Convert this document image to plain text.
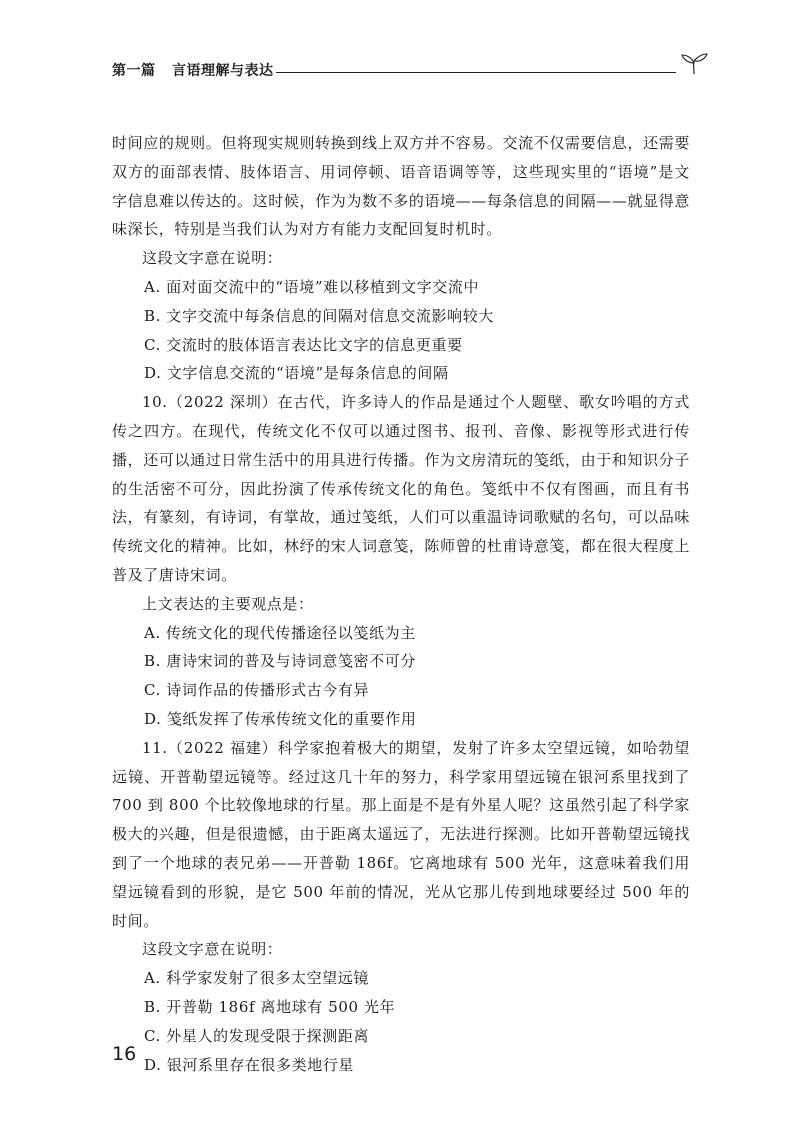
第一篇 言语理解与表达

时间应的规则。但将现实规则转换到线上双方并不容易。交流不仅需要信息，还需要双方的面部表情、肢体语言、用词停顿、语音语调等等，这些现实里的“语境”是文字信息难以传达的。这时候，作为为数不多的语境——每条信息的间隔——就显得意味深长，特别是当我们认为对方有能力支配回复时机时。

这段文字意在说明：

A. 面对面交流中的“语境”难以移植到文字交流中

B. 文字交流中每条信息的间隔对信息交流影响较大

C. 交流时的肢体语言表达比文字的信息更重要

D. 文字信息交流的“语境”是每条信息的间隔

10.（2022 深圳）在古代，许多诗人的作品是通过个人题壁、歌女吟唱的方式传之四方。在现代，传统文化不仅可以通过图书、报刊、音像、影视等形式进行传播，还可以通过日常生活中的用具进行传播。作为文房清玩的笺纸，由于和知识分子的生活密不可分，因此扮演了传承传统文化的角色。笺纸中不仅有图画，而且有书法，有篆刻，有诗词，有掌故，通过笺纸，人们可以重温诗词歌赋的名句，可以品味传统文化的精神。比如，林纾的宋人词意笺，陈师曾的杜甫诗意笺，都在很大程度上普及了唐诗宋词。

上文表达的主要观点是：

A. 传统文化的现代传播途径以笺纸为主

B. 唐诗宋词的普及与诗词意笺密不可分

C. 诗词作品的传播形式古今有异

D. 笺纸发挥了传承传统文化的重要作用

11.（2022 福建）科学家抱着极大的期望，发射了许多太空望远镜，如哈勃望远镜、开普勒望远镜等。经过这几十年的努力，科学家用望远镜在银河系里找到了 700 到 800 个比较像地球的行星。那上面是不是有外星人呢？这虽然引起了科学家极大的兴趣，但是很遗憾，由于距离太遥远了，无法进行探测。比如开普勒望远镜找到了一个地球的表兄弟——开普勒 186f。它离地球有 500 光年，这意味着我们用望远镜看到的形貌，是它 500 年前的情况，光从它那儿传到地球要经过 500 年的时间。

这段文字意在说明：

A. 科学家发射了很多太空望远镜

B. 开普勒 186f 离地球有 500 光年

C. 外星人的发现受限于探测距离

D. 银河系里存在很多类地行星

16
